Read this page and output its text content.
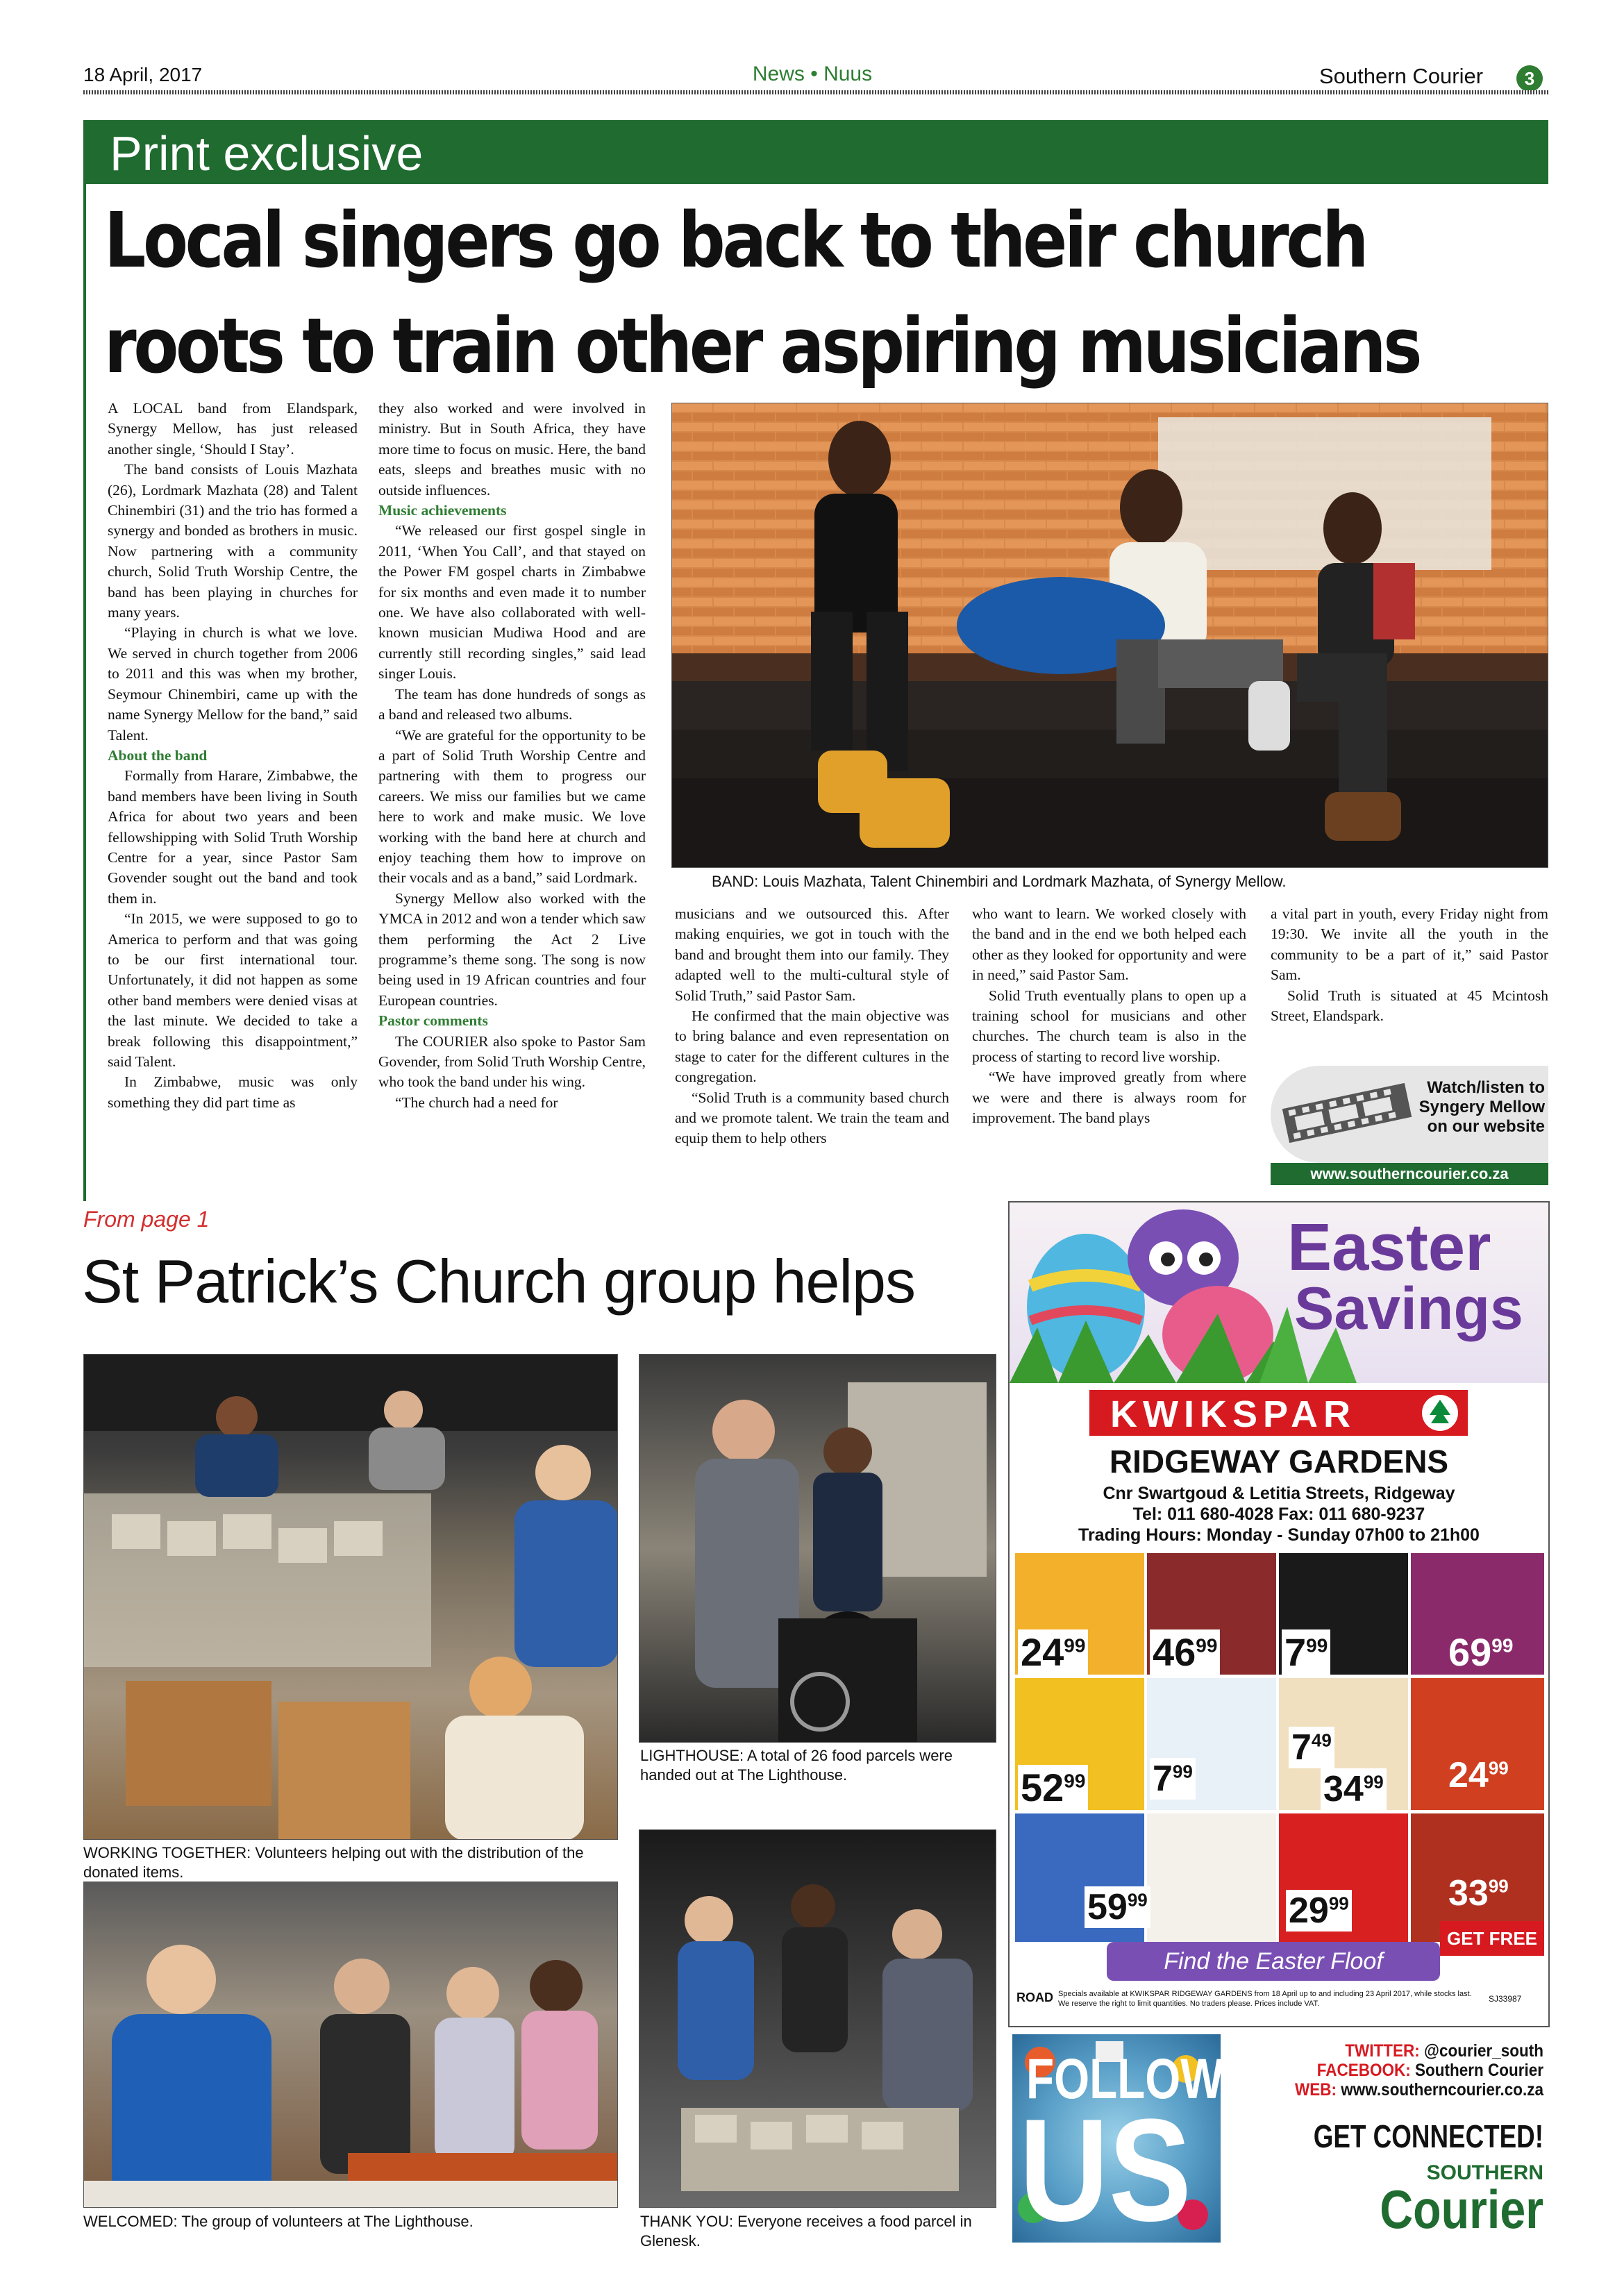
18 April, 2017	News • Nuus	Southern Courier	3
Print exclusive
Local singers go back to their church
roots to train other aspiring musicians

A LOCAL band from Elandspark, Synergy Mellow, has just released another single, ‘Should I Stay’.

The band consists of Louis Mazhata (26), Lordmark Mazhata (28) and Talent Chinembiri (31) and the trio has formed a synergy and bonded as brothers in music. Now partnering with a community church, Solid Truth Worship Centre, the band has been playing in churches for many years.

“Playing in church is what we love. We served in church together from 2006 to 2011 and this was when my brother, Seymour Chinembiri, came up with the name Synergy Mellow for the band,” said Talent.

About the band

Formally from Harare, Zimbabwe, the band members have been living in South Africa for about two years and been fellowshipping with Solid Truth Worship Centre for a year, since Pastor Sam Govender sought out the band and took them in.

“In 2015, we were supposed to go to America to perform and that was going to be our first international tour. Unfortunately, it did not happen as some other band members were denied visas at the last minute. We decided to take a break following this disappointment,” said Talent.

In Zimbabwe, music was only something they did part time as

they also worked and were involved in ministry. But in South Africa, they have more time to focus on music. Here, the band eats, sleeps and breathes music with no outside influences.

Music achievements

“We released our first gospel single in 2011, ‘When You Call’, and that stayed on the Power FM gospel charts in Zimbabwe for six months and even made it to number one. We have also collaborated with well-known musician Mudiwa Hood and are currently still recording singles,” said lead singer Louis.

The team has done hundreds of songs as a band and released two albums.

“We are grateful for the opportunity to be a part of Solid Truth Worship Centre and partnering with them to progress our careers. We miss our families but we came here to work and make music. We love working with the band here at church and enjoy teaching them how to improve on their vocals and as a band,” said Lordmark.

Synergy Mellow also worked with the YMCA in 2012 and won a tender which saw them performing the Act 2 Live programme’s theme song. The song is now being used in 19 African countries and four European countries.

Pastor comments

The COURIER also spoke to Pastor Sam Govender, from Solid Truth Worship Centre, who took the band under his wing.

“The church had a need for

BAND: Louis Mazhata, Talent Chinembiri and Lordmark Mazhata, of Synergy Mellow.

musicians and we outsourced this. After making enquiries, we got in touch with the band and brought them into our family. They adapted well to the multi-cultural style of Solid Truth,” said Pastor Sam.

He confirmed that the main objective was to bring balance and even representation on stage to cater for the different cultures in the congregation.

“Solid Truth is a community based church and we promote talent. We train the team and equip them to help others

who want to learn. We worked closely with the band and in the end we both helped each other as they looked for opportunity and were in need,” said Pastor Sam.

Solid Truth eventually plans to open up a training school for musicians and other churches. The church team is also in the process of starting to record live worship.

“We have improved greatly from where we were and there is always room for improvement. The band plays

a vital part in youth, every Friday night from 19:30. We invite all the youth in the community to be a part of it,” said Pastor Sam.

Solid Truth is situated at 45 Mcintosh Street, Elandspark.

Watch/listen to
Syngery Mellow
on our website
www.southerncourier.co.za
From page 1
St Patrick’s Church group helps
WORKING TOGETHER: Volunteers helping out with the distribution of the donated items.
LIGHTHOUSE: A total of 26 food parcels were handed out at The Lighthouse.
WELCOMED: The group of volunteers at The Lighthouse.	THANK YOU: Everyone receives a food parcel in Glenesk.
Easter
Savings
KWIKSPAR
RIDGEWAY GARDENS
Cnr Swartgoud & Letitia Streets, Ridgeway
Tel: 011 680-4028 Fax: 011 680-9237
Trading Hours: Monday - Sunday 07h00 to 21h00
$24^{99}$ $46^{99}$ $7^{99}$	$69^{99}$
$7^{99}$
$52^{99}$
$7^{49}$
$34^{99}$ $24^{99}$
$59^{99}$	$29^{99}$	$33^{99}$
Find the Easter Floof
GET FREE
ROAD Specials available at KWIKSPAR RIDGEWAY GARDENS from 18 April up to and including 23 April 2017, while stocks last. We reserve the right to limit quantities. No traders please. Prices include VAT.	SJ33987
FOLLOW
US
TWITTER: @courier_south
FACEBOOK: Southern Courier
WEB: www.southerncourier.co.za
GET CONNECTED!
SOUTHERN
Courier
